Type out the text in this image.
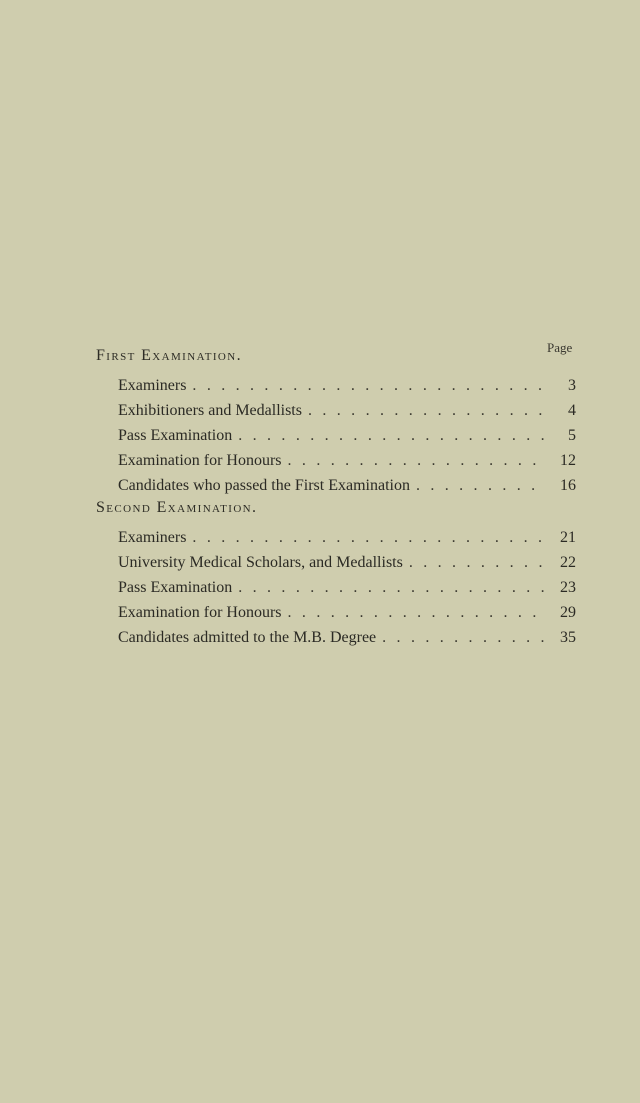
Page
First Examination.
Examiners . . .	3
Exhibitioners and Medallists . . .	4
Pass Examination . . .	5
Examination for Honours . . .	12
Candidates who passed the First Examination . . .	16
Second Examination.
Examiners . . .	21
University Medical Scholars, and Medallists . . .	22
Pass Examination . . .	23
Examination for Honours . . .	29
Candidates admitted to the M.B. Degree . . .	35
